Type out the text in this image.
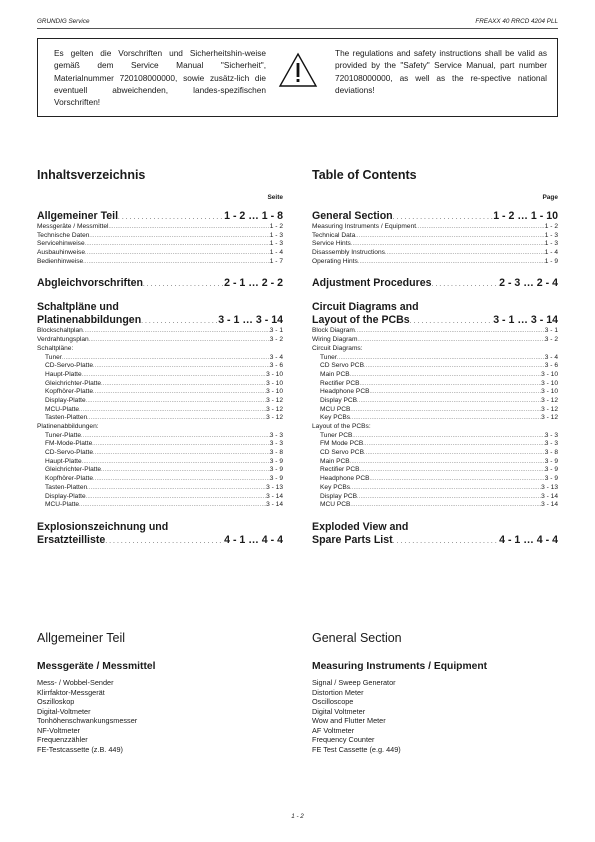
GRUNDIG Service	FREAXX 40 RRCD 4204 PLL
Es gelten die Vorschriften und Sicherheitshin-weise gemäß dem Service Manual "Sicherheit", Materialnummer 720108000000, sowie zusätz-lich die eventuell abweichenden, landes-spezifischen Vorschriften!
The regulations and safety instructions shall be valid as provided by the "Safety" Service Manual, part number 720108000000, as well as the re-spective national deviations!
Inhaltsverzeichnis
Seite
Allgemeiner Teil . . .	1 - 2 … 1 - 8
Messgeräte / Messmittel .....	1 - 2
Technische Daten .....	1 - 3
Servicehinweise .....	1 - 3
Ausbauhinweise .....	1 - 4
Bedienhinweise .....	1 - 7
Abgleichvorschriften . . .	2 - 1 … 2 - 2
Schaltpläne und
Platinenabbildungen . . .	3 - 1 … 3 - 14
Blockschaltplan .....	3 - 1
Verdrahtungsplan .....	3 - 2
Schaltpläne:
Tuner .....	3 - 4
CD-Servo-Platte .....	3 - 6
Haupt-Platte .....	3 - 10
Gleichrichter-Platte .....	3 - 10
Kopfhörer-Platte .....	3 - 10
Display-Platte .....	3 - 12
MCU-Platte .....	3 - 12
Tasten-Platten .....	3 - 12
Platinenabbildungen:
Tuner-Platte .....	3 - 3
FM-Mode-Platte .....	3 - 3
CD-Servo-Platte .....	3 - 8
Haupt-Platte .....	3 - 9
Gleichrichter-Platte .....	3 - 9
Kopfhörer-Platte .....	3 - 9
Tasten-Platten .....	3 - 13
Display-Platte .....	3 - 14
MCU-Platte .....	3 - 14
Explosionszeichnung und
Ersatzteilliste . . .	4 - 1 … 4 - 4
Table of Contents
Page
General Section . . .	1 - 2 … 1 - 10
Measuring Instruments / Equipment .....	1 - 2
Technical Data .....	1 - 3
Service Hints .....	1 - 3
Disassembly Instructions .....	1 - 4
Operating Hints .....	1 - 9
Adjustment Procedures . . .	2 - 3 … 2 - 4
Circuit Diagrams and
Layout of the PCBs . . .	3 - 1 … 3 - 14
Block Diagram .....	3 - 1
Wiring Diagram .....	3 - 2
Circuit Diagrams:
Tuner .....	3 - 4
CD Servo PCB .....	3 - 6
Main PCB .....	3 - 10
Rectifier PCB .....	3 - 10
Headphone PCB .....	3 - 10
Display PCB .....	3 - 12
MCU PCB .....	3 - 12
Key PCBs .....	3 - 12
Layout of the PCBs:
Tuner PCB .....	3 - 3
FM Mode PCB .....	3 - 3
CD Servo PCB .....	3 - 8
Main PCB .....	3 - 9
Rectifier PCB .....	3 - 9
Headphone PCB .....	3 - 9
Key PCBs .....	3 - 13
Display PCB .....	3 - 14
MCU PCB .....	3 - 14
Exploded View and
Spare Parts List . . .	4 - 1 … 4 - 4
Allgemeiner Teil
Messgeräte / Messmittel
Mess- / Wobbel-Sender
Klirrfaktor-Messgerät
Oszilloskop
Digital-Voltmeter
Tonhöhenschwankungsmesser
NF-Voltmeter
Frequenzzähler
FE-Testcassette (z.B. 449)
General Section
Measuring Instruments / Equipment
Signal / Sweep Generator
Distortion Meter
Oscilloscope
Digital Voltmeter
Wow and Flutter Meter
AF Voltmeter
Frequency Counter
FE Test Cassette (e.g. 449)
1 - 2
